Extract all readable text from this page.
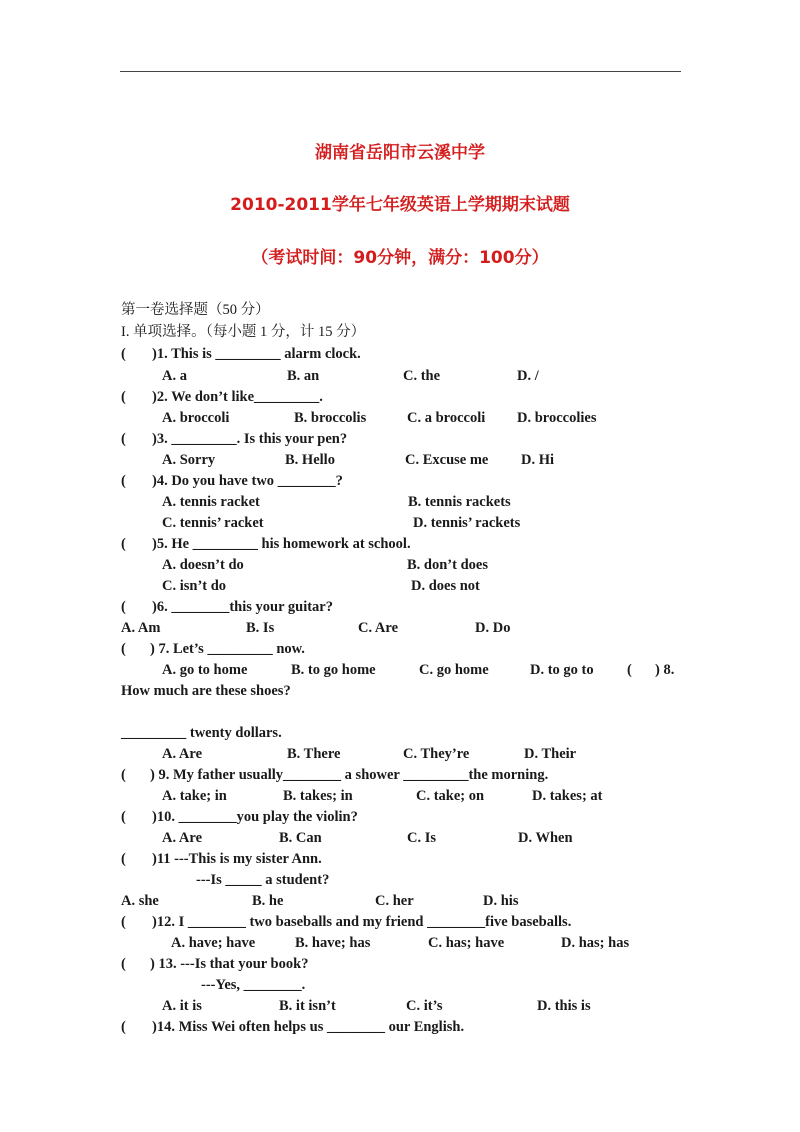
湖南省岳阳市云溪中学
2010-2011学年七年级英语上学期期末试题
（考试时间：90分钟，满分：100分）
第一卷选择题（50 分）
I. 单项选择。（每小题 1 分，计 15 分）
( )1. This is _________ alarm clock.
A. a	B. an	C. the	D. /
( )2. We don’t like_________.
A. broccoli	B. broccolis	C. a broccoli D. broccolies
( )3. _________. Is this your pen?
A. Sorry	B. Hello	C. Excuse me D. Hi
( )4. Do you have two ________?
A. tennis racket	B. tennis rackets
C. tennis’ racket	D. tennis’ rackets
( )5. He _________ his homework at school.
A. doesn’t do	B. don’t does
C. isn’t do	D. does not
( )6. ________this your guitar?
A. Am	B. Is	C. Are	D. Do
( ) 7. Let’s _________ now.
A. go to home	B. to go home	C. go home	D. to go to ( ) 8.
How much are these shoes?
_________ twenty dollars.
A. Are	B. There	C. They’re	D. Their
( ) 9. My father usually________ a shower _________the morning.
A. take; in	B. takes; in	C. take; on	D. takes; at
( )10. ________you play the violin?
A. Are	B. Can	C. Is	D. When
( )11 ---This is my sister Ann.
---Is _____ a student?
A. she	B. he	C. her	D. his
( )12. I ________ two baseballs and my friend ________five baseballs.
A. have; have	B. have; has	C. has; have	D. has; has
( ) 13. ---Is that your book?
---Yes, ________.
A. it is	B. it isn’t	C. it’s	D. this is
( )14. Miss Wei often helps us ________ our English.
